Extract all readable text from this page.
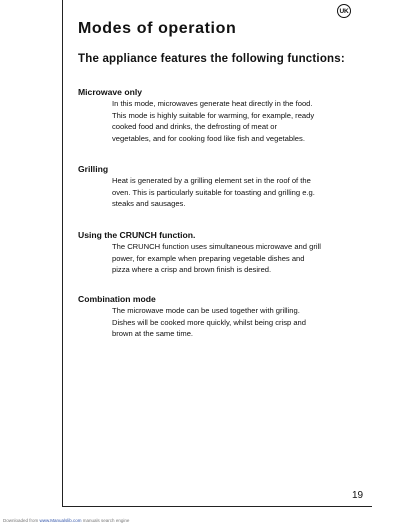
UK
Modes of operation
The appliance features the following functions:
Microwave only

In this mode, microwaves generate heat directly in the food.
This mode is highly suitable for warming, for example, ready
cooked food and drinks, the defrosting of meat or
vegetables, and for cooking food like fish and vegetables.

Grilling

Heat is generated by a grilling element set in the roof of the
oven. This is particularly suitable for toasting and grilling e.g.
steaks and sausages.

Using the CRUNCH function.

The CRUNCH function uses simultaneous microwave and grill
power, for example when preparing vegetable dishes and
pizza where a crisp and brown finish is desired.

Combination mode

The microwave mode can be used together with grilling.
Dishes will be cooked more quickly, whilst being crisp and
brown at the same time.

19
Downloaded from www.Manualslib.com manuals search engine
